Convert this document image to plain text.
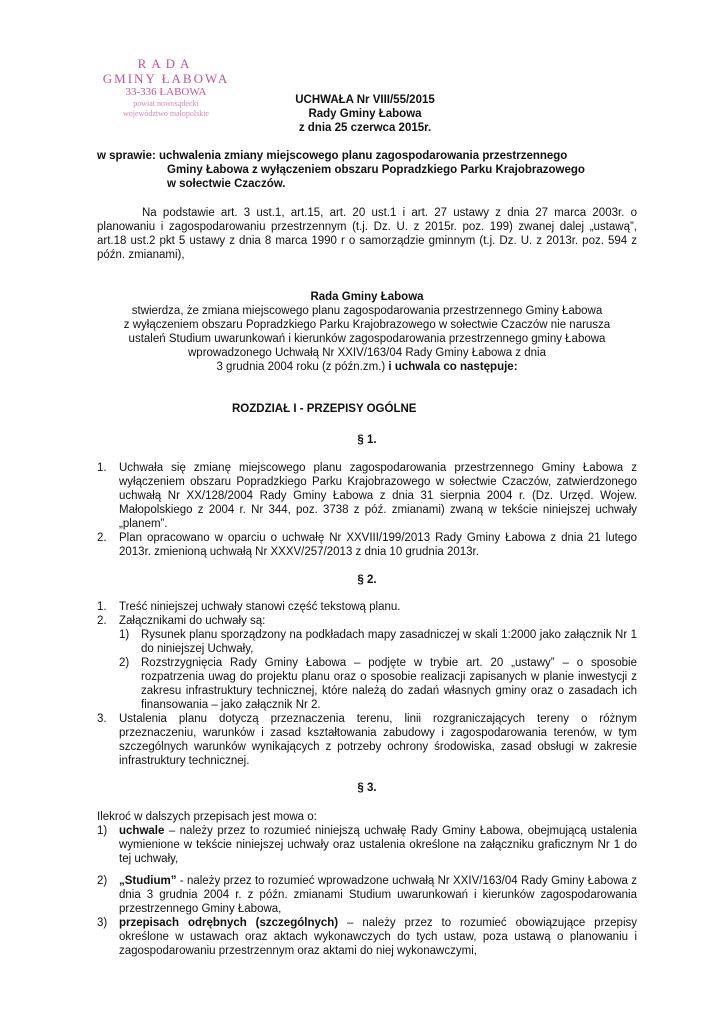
RADA
GMINY ŁABOWA
33-336 ŁABOWA
powiat nowosądecki
województwo małopolskie
UCHWAŁA Nr VIII/55/2015
Rady Gminy Łabowa
z dnia 25 czerwca 2015r.
w sprawie: uchwalenia zmiany miejscowego planu zagospodarowania przestrzennego
Gminy Łabowa z wyłączeniem obszaru Popradzkiego Parku Krajobrazowego
w sołectwie Czaczów.
Na podstawie art. 3 ust.1, art.15, art. 20 ust.1 i art. 27 ustawy z dnia 27 marca 2003r. o planowaniu i zagospodarowaniu przestrzennym (t.j. Dz. U. z 2015r. poz. 199) zwanej dalej „ustawą”, art.18 ust.2 pkt 5 ustawy z dnia 8 marca 1990 r o samorządzie gminnym (t.j. Dz. U. z 2013r. poz. 594 z późn. zmianami),
Rada Gminy Łabowa
stwierdza, że zmiana miejscowego planu zagospodarowania przestrzennego Gminy Łabowa
z wyłączeniem obszaru Popradzkiego Parku Krajobrazowego w sołectwie Czaczów nie narusza
ustaleń Studium uwarunkowań i kierunków zagospodarowania przestrzennego gminy Łabowa
wprowadzonego Uchwałą Nr XXIV/163/04 Rady Gminy Łabowa z dnia
3 grudnia 2004 roku (z późn.zm.) i uchwala co następuje:
ROZDZIAŁ I - PRZEPISY OGÓLNE
§ 1.
1. Uchwała się zmianę miejscowego planu zagospodarowania przestrzennego Gminy Łabowa z wyłączeniem obszaru Popradzkiego Parku Krajobrazowego w sołectwie Czaczów, zatwierdzonego uchwałą Nr XX/128/2004 Rady Gminy Łabowa z dnia 31 sierpnia 2004 r. (Dz. Urzęd. Wojew. Małopolskiego z 2004 r. Nr 344, poz. 3738 z póź. zmianami) zwaną w tekście niniejszej uchwały „planem”.
2. Plan opracowano w oparciu o uchwałę Nr XXVIII/199/2013 Rady Gminy Łabowa z dnia 21 lutego 2013r. zmienioną uchwałą Nr XXXV/257/2013 z dnia 10 grudnia 2013r.
§ 2.
1. Treść niniejszej uchwały stanowi część tekstową planu.
2. Załącznikami do uchwały są:
1) Rysunek planu sporządzony na podkładach mapy zasadniczej w skali 1:2000 jako załącznik Nr 1 do niniejszej Uchwały,
2) Rozstrzygnięcia Rady Gminy Łabowa – podjęte w trybie art. 20 „ustawy” – o sposobie rozpatrzenia uwag do projektu planu oraz o sposobie realizacji zapisanych w planie inwestycji z zakresu infrastruktury technicznej, które należą do zadań własnych gminy oraz o zasadach ich finansowania – jako załącznik Nr 2.
3. Ustalenia planu dotyczą przeznaczenia terenu, linii rozgraniczających tereny o różnym przeznaczeniu, warunków i zasad kształtowania zabudowy i zagospodarowania terenów, w tym szczególnych warunków wynikających z potrzeby ochrony środowiska, zasad obsługi w zakresie infrastruktury technicznej.
§ 3.
Ilekroć w dalszych przepisach jest mowa o:
1) uchwale – należy przez to rozumieć niniejszą uchwałę Rady Gminy Łabowa, obejmującą ustalenia wymienione w tekście niniejszej uchwały oraz ustalenia określone na załączniku graficznym Nr 1 do tej uchwały,
2) „Studium” - należy przez to rozumieć wprowadzone uchwałą Nr XXIV/163/04 Rady Gminy Łabowa z dnia 3 grudnia 2004 r. z późn. zmianami Studium uwarunkowań i kierunków zagospodarowania przestrzennego Gminy Łabowa,
3) przepisach odrębnych (szczególnych) – należy przez to rozumieć obowiązujące przepisy określone w ustawach oraz aktach wykonawczych do tych ustaw, poza ustawą o planowaniu i zagospodarowaniu przestrzennym oraz aktami do niej wykonawczymi,
